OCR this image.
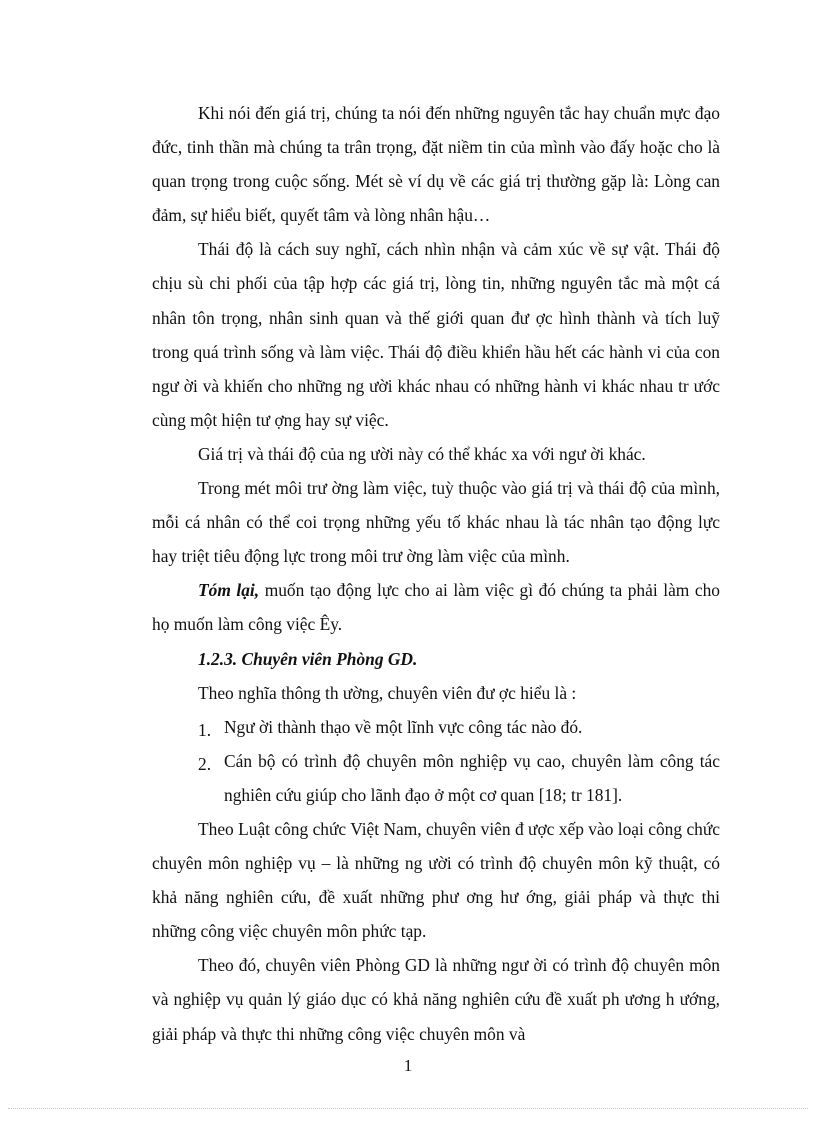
Khi nói đến giá trị, chúng ta nói đến những nguyên tắc hay chuẩn mực đạo đức, tinh thần mà chúng ta trân trọng, đặt niềm tin của mình vào đấy hoặc cho là quan trọng trong cuộc sống. Mét sè ví dụ về các giá trị thường gặp là: Lòng can đảm, sự hiểu biết, quyết tâm và lòng nhân hậu…

Thái độ là cách suy nghĩ, cách nhìn nhận và cảm xúc về sự vật. Thái độ chịu sù chi phối của tập hợp các giá trị, lòng tin, những nguyên tắc mà một cá nhân tôn trọng, nhân sinh quan và thế giới quan đư ợc hình thành và tích luỹ trong quá trình sống và làm việc. Thái độ điều khiển hầu hết các hành vi của con ngư ời và khiến cho những ng ười khác nhau có những hành vi khác nhau tr ước cùng một hiện tư ợng hay sự việc.

Giá trị và thái độ của ng ười này có thể khác xa với ngư ời khác.

Trong mét môi trư ờng làm việc, tuỳ thuộc vào giá trị và thái độ của mình, mỗi cá nhân có thể coi trọng những yếu tố khác nhau là tác nhân tạo động lực hay triệt tiêu động lực trong môi trư ờng làm việc của mình.

Tóm lại, muốn tạo động lực cho ai làm việc gì đó chúng ta phải làm cho họ muốn làm công việc Êy.

1.2.3. Chuyên viên Phòng GD.

Theo nghĩa thông th ường, chuyên viên đư ợc hiểu là :

1. Ngư ời thành thạo về một lĩnh vực công tác nào đó.

2. Cán bộ có trình độ chuyên môn nghiệp vụ cao, chuyên làm công tác nghiên cứu giúp cho lãnh đạo ở một cơ quan [18; tr 181].

Theo Luật công chức Việt Nam, chuyên viên đ ược xếp vào loại công chức chuyên môn nghiệp vụ – là những ng ười có trình độ chuyên môn kỹ thuật, có khả năng nghiên cứu, đề xuất những phư ơng hư ớng, giải pháp và thực thi những công việc chuyên môn phức tạp.

Theo đó, chuyên viên Phòng GD là những ngư ời có trình độ chuyên môn và nghiệp vụ quản lý giáo dục có khả năng nghiên cứu đề xuất ph ương h ướng, giải pháp và thực thi những công việc chuyên môn và

1
